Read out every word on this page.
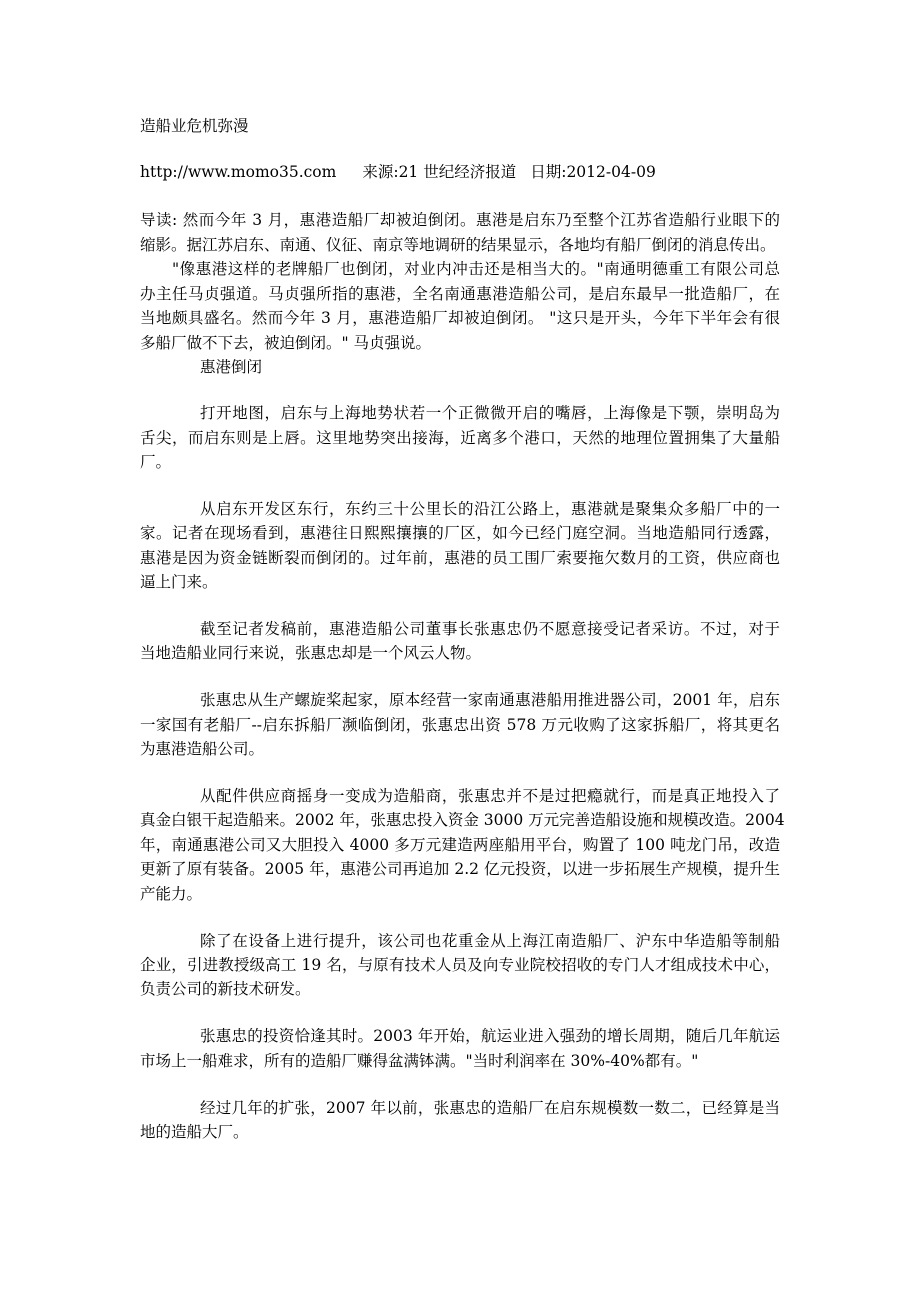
造船业危机弥漫
http://www.momo35.com 来源:21 世纪经济报道 日期:2012-04-09
导读: 然而今年 3 月，惠港造船厂却被迫倒闭。惠港是启东乃至整个江苏省造船行业眼下的
缩影。据江苏启东、南通、仪征、南京等地调研的结果显示，各地均有船厂倒闭的消息传出。
"像惠港这样的老牌船厂也倒闭，对业内冲击还是相当大的。"南通明德重工有限公司总
办主任马贞强道。马贞强所指的惠港，全名南通惠港造船公司，是启东最早一批造船厂，在
当地颇具盛名。然而今年 3 月，惠港造船厂却被迫倒闭。 "这只是开头，今年下半年会有很
多船厂做不下去，被迫倒闭。" 马贞强说。
惠港倒闭
打开地图，启东与上海地势状若一个正微微开启的嘴唇，上海像是下颚，崇明岛为
舌尖，而启东则是上唇。这里地势突出接海，近离多个港口，天然的地理位置拥集了大量船
厂。
从启东开发区东行，东约三十公里长的沿江公路上，惠港就是聚集众多船厂中的一
家。记者在现场看到，惠港往日熙熙攘攘的厂区，如今已经门庭空洞。当地造船同行透露，
惠港是因为资金链断裂而倒闭的。过年前，惠港的员工围厂索要拖欠数月的工资，供应商也
逼上门来。
截至记者发稿前，惠港造船公司董事长张惠忠仍不愿意接受记者采访。不过，对于
当地造船业同行来说，张惠忠却是一个风云人物。
张惠忠从生产螺旋桨起家，原本经营一家南通惠港船用推进器公司，2001 年，启东
一家国有老船厂--启东拆船厂濒临倒闭，张惠忠出资 578 万元收购了这家拆船厂，将其更名
为惠港造船公司。
从配件供应商摇身一变成为造船商，张惠忠并不是过把瘾就行，而是真正地投入了
真金白银干起造船来。2002 年，张惠忠投入资金 3000 万元完善造船设施和规模改造。2004
年，南通惠港公司又大胆投入 4000 多万元建造两座船用平台，购置了 100 吨龙门吊，改造
更新了原有装备。2005 年，惠港公司再追加 2.2 亿元投资，以进一步拓展生产规模，提升生
产能力。
除了在设备上进行提升，该公司也花重金从上海江南造船厂、沪东中华造船等制船
企业，引进教授级高工 19 名，与原有技术人员及向专业院校招收的专门人才组成技术中心，
负责公司的新技术研发。
张惠忠的投资恰逢其时。2003 年开始，航运业进入强劲的增长周期，随后几年航运
市场上一船难求，所有的造船厂赚得盆满钵满。"当时利润率在 30%-40%都有。"
经过几年的扩张，2007 年以前，张惠忠的造船厂在启东规模数一数二，已经算是当
地的造船大厂。
